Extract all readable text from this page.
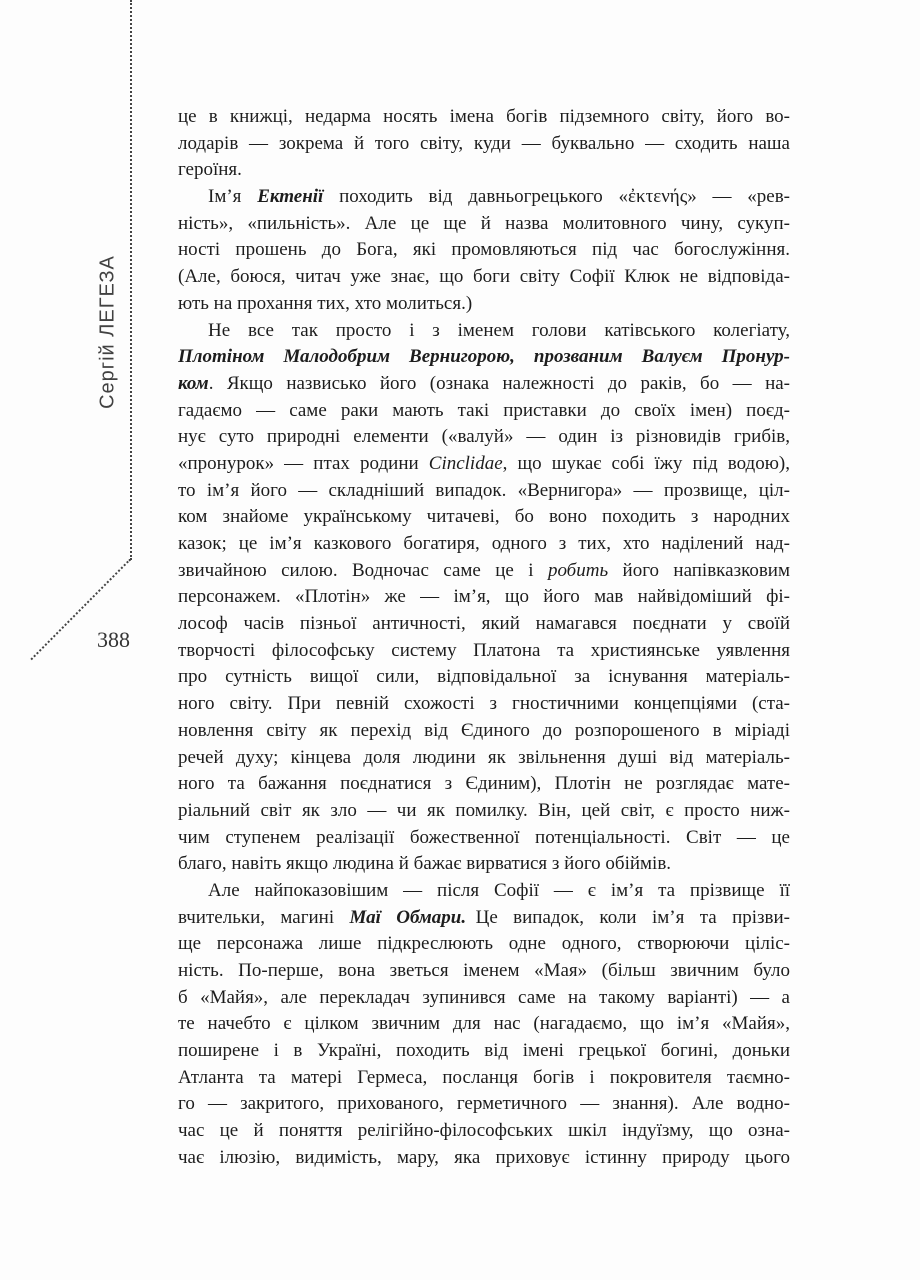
Сергій ЛЕГЕЗА
388
це в книжці, недарма носять імена богів підземного світу, його во-
лодарів — зокрема й того світу, куди — буквально — сходить наша
героїня.
Ім’я Ектенії походить від давньогрецького «ἐκτενής» — «рев-
ність», «пильність». Але це ще й назва молитовного чину, сукуп-
ності прошень до Бога, які промовляються під час богослужіння.
(Але, боюся, читач уже знає, що боги світу Софії Клюк не відповіда-
ють на прохання тих, хто молиться.)
Не все так просто і з іменем голови катівського колегіату,
Плотіном Малодобрим Вернигорою, прозваним Валуєм Пронур-
ком. Якщо назвисько його (ознака належності до раків, бо — на-
гадаємо — саме раки мають такі приставки до своїх імен) поєд-
нує суто природні елементи («валуй» — один із різновидів грибів,
«пронурок» — птах родини Cinclidae, що шукає собі їжу під водою),
то ім’я його — складніший випадок. «Вернигора» — прозвище, ціл-
ком знайоме українському читачеві, бо воно походить з народних
казок; це ім’я казкового богатиря, одного з тих, хто наділений над-
звичайною силою. Водночас саме це і робить його напівказковим
персонажем. «Плотін» же — ім’я, що його мав найвідоміший фі-
лософ часів пізньої античності, який намагався поєднати у своїй
творчості філософську систему Платона та християнське уявлення
про сутність вищої сили, відповідальної за існування матеріаль-
ного світу. При певній схожості з гностичними концепціями (ста-
новлення світу як перехід від Єдиного до розпорошеного в міріаді
речей духу; кінцева доля людини як звільнення душі від матеріаль-
ного та бажання поєднатися з Єдиним), Плотін не розглядає мате-
ріальний світ як зло — чи як помилку. Він, цей світ, є просто ниж-
чим ступенем реалізації божественної потенціальності. Світ — це
благо, навіть якщо людина й бажає вирватися з його обіймів.
Але найпоказовішим — після Софії — є ім’я та прізвище її
вчительки, магині Маї Обмари. Це випадок, коли ім’я та прізви-
ще персонажа лише підкреслюють одне одного, створюючи ціліс-
ність. По-перше, вона зветься іменем «Мая» (більш звичним було
б «Майя», але перекладач зупинився саме на такому варіанті) — а
те начебто є цілком звичним для нас (нагадаємо, що ім’я «Майя»,
поширене і в Україні, походить від імені грецької богині, доньки
Атланта та матері Гермеса, посланця богів і покровителя таємно-
го — закритого, прихованого, герметичного — знання). Але водно-
час це й поняття релігійно-філософських шкіл індуїзму, що озна-
чає ілюзію, видимість, мару, яка приховує істинну природу цього
